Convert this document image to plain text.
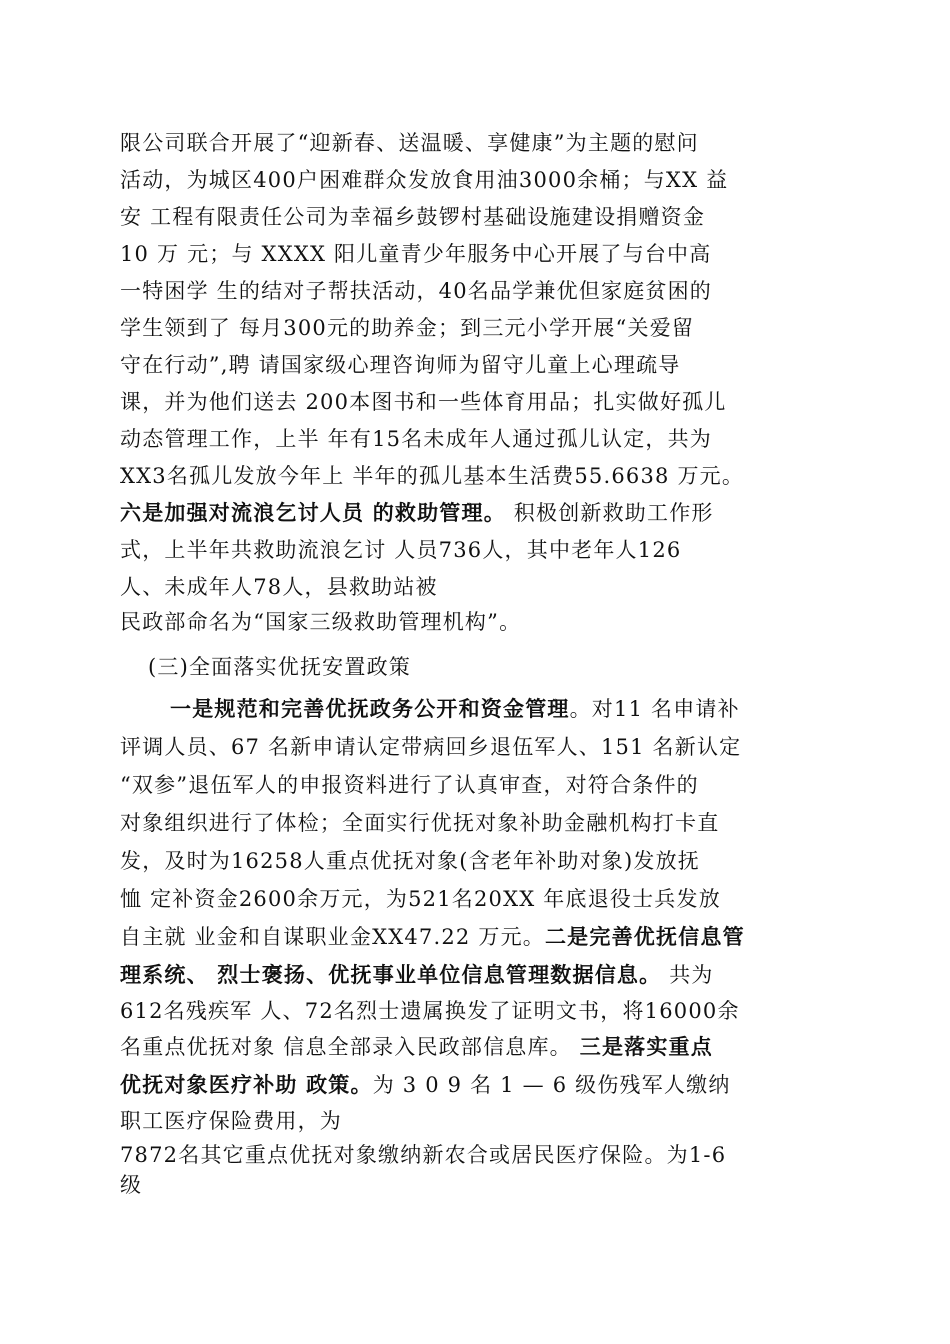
限公司联合开展了“迎新春、送温暖、享健康”为主题的慰问
活动，为城区400户困难群众发放食用油3000余桶；与XX 益
安 工程有限责任公司为幸福乡鼓锣村基础设施建设捐赠资金
10 万 元；与 XXXX 阳儿童青少年服务中心开展了与台中高
一特困学 生的结对子帮扶活动，40名品学兼优但家庭贫困的
学生领到了 每月300元的助养金；到三元小学开展“关爱留
守在行动”,聘 请国家级心理咨询师为留守儿童上心理疏导
课，并为他们送去 200本图书和一些体育用品；扎实做好孤儿
动态管理工作，上半 年有15名未成年人通过孤儿认定，共为
XX3名孤儿发放今年上 半年的孤儿基本生活费55.6638 万元。
六是加强对流浪乞讨人员 的救助管理。 积极创新救助工作形
式，上半年共救助流浪乞讨 人员736人，其中老年人126
人、未成年人78人，县救助站被
民政部命名为“国家三级救助管理机构”。
(三)全面落实优抚安置政策
一是规范和完善优抚政务公开和资金管理。对11 名申请补
评调人员、67 名新申请认定带病回乡退伍军人、151 名新认定
“双参”退伍军人的申报资料进行了认真审查，对符合条件的
对象组织进行了体检；全面实行优抚对象补助金融机构打卡直
发，及时为16258人重点优抚对象(含老年补助对象)发放抚
恤 定补资金2600余万元，为521名20XX 年底退役士兵发放
自主就 业金和自谋职业金XX47.22 万元。二是完善优抚信息管
理系统、 烈士褒扬、优抚事业单位信息管理数据信息。 共为
612名残疾军 人、72名烈士遗属换发了证明文书，将16000余
名重点优抚对象 信息全部录入民政部信息库。 三是落实重点
优抚对象医疗补助 政策。为 3 0 9 名 1 — 6 级伤残军人缴纳
职工医疗保险费用，为
7872名其它重点优抚对象缴纳新农合或居民医疗保险。为1-6
级
